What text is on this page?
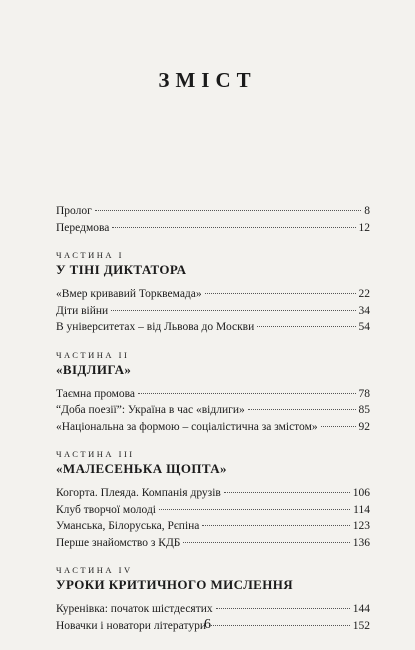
ЗМІСТ
Пролог	8
Передмова	12
ЧАСТИНА I
У ТІНІ ДИКТАТОРА
«Вмер кривавий Торквемада»	22
Діти війни	34
В університетах – від Львова до Москви	54
ЧАСТИНА II
«ВІДЛИГА»
Таємна промова	78
“Доба поезії”: Україна в час «відлиги»	85
«Національна за формою – соціалістична за змістом»	92
ЧАСТИНА III
«МАЛЕСЕНЬКА ЩОПТА»
Когорта. Плеяда. Компанія друзів	106
Клуб творчої молоді	114
Уманська, Білоруська, Рєпіна	123
Перше знайомство з КДБ	136
ЧАСТИНА IV
УРОКИ КРИТИЧНОГО МИСЛЕННЯ
Куренівка: початок шістдесятих	144
Новачки і новатори літератури	152
6
